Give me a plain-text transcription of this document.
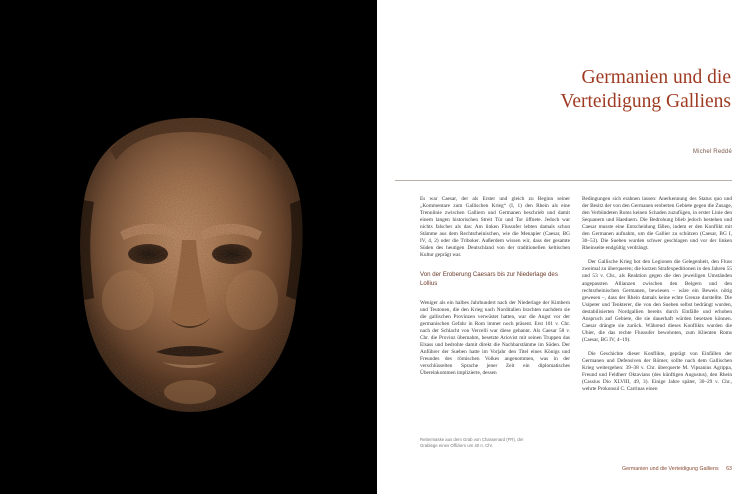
Germanien und die
Verteidigung Galliens
Michel Reddé

Es war Caesar, der als Erster und gleich zu Beginn seiner „Kommentare zum Gallischen Krieg“ (I, 1) den Rhein als eine Trennlinie zwischen Galliern und Germanen beschrieb und damit einem langen historischen Streit Tür und Tor öffnete. Jedoch war nichts falscher als das: Am linken Flussufer lebten damals schon Stämme aus dem Rechtsrheinischen, wie die Menapier (Caesar, BG IV, 4, 2) oder die Triboker. Außerdem wissen wir, dass der gesamte Süden des heutigen Deutschland von der traditionellen keltischen Kultur geprägt war.

Von der Eroberung Caesars bis zur Niederlage des Lollius

Weniger als ein halbes Jahrhundert nach der Niederlage der Kimbern und Teutonen, die den Krieg nach Norditalien brachten nachdem sie die gallischen Provinzen verwüstet hatten, war die Angst vor der germanischen Gefahr in Rom immer noch präsent. Erst 101 v. Chr. nach der Schlacht von Vercelli war diese gebannt. Als Caesar 58 v. Chr. die Provinz übernahm, besetzte Ariovist mit seinen Truppen das Elsass und bedrohte damit direkt die Nachbarstämme im Süden. Der Anführer der Sueben hatte im Vorjahr den Titel eines Königs und Freundes des römischen Volkes angenommen, was in der verschlüsselten Sprache jener Zeit ein diplomatisches Übereinkommen implizierte, dessen

Bedingungen sich erahnen lassen: Anerkennung des Status quo und der Besitz der von den Germanen eroberten Gebiete gegen die Zusage, den Verbündeten Roms keinen Schaden zuzufügen, in erster Linie den Sequanern und Haeduern. Die Bedrohung blieb jedoch bestehen und Caesar musste eine Entscheidung fällen, indem er den Konflikt mit den Germanen aufnahm, um die Gallier zu schützen (Caesar, BG I, 30–53). Die Sueben wurden schwer geschlagen und vor der linken Rheinseite endgültig verdrängt.

Der Gallische Krieg bot den Legionen die Gelegenheit, den Fluss zweimal zu überqueren; die kurzen Strafexpeditionen in den Jahren 55 und 53 v. Chr., als Reaktion gegen die den jeweiligen Umständen angepassten Allianzen zwischen den Belgern und den rechtsrheinischen Germanen, bewiesen – wäre ein Beweis nötig gewesen –, dass der Rhein damals keine echte Grenze darstellte. Die Usipeter und Tenkterer, die von den Sueben selbst bedrängt wurden, destabilisierten Nordgallien bereits durch Einfälle und erhoben Anspruch auf Gebiete, die sie dauerhaft würden besetzen können. Caesar drängte sie zurück. Während dieses Konflikts wurden die Ubier, die das rechte Flussufer bewohnten, zum Klienten Roms (Caesar, BG IV, 4–19).

Die Geschichte dieser Konflikte, geprägt von Einfällen der Germanen und Defensiven der Römer, sollte nach dem Gallischen Krieg weitergehen: 39–38 v. Chr. überquerte M. Vipsanius Agrippa, Freund und Feldherr Oktavians (des künftigen Augustus), den Rhein (Cassius Dio XLVIII, 49, 3). Einige Jahre später, 30–29 v. Chr., wehrte Prokonsul C. Carrinas einen

Reitermaske aus dem Grab von Chassenard (FR), der Grablege eines Offiziers um 40 n. Chr.
Germanien und die Verteidigung Galliens 63
